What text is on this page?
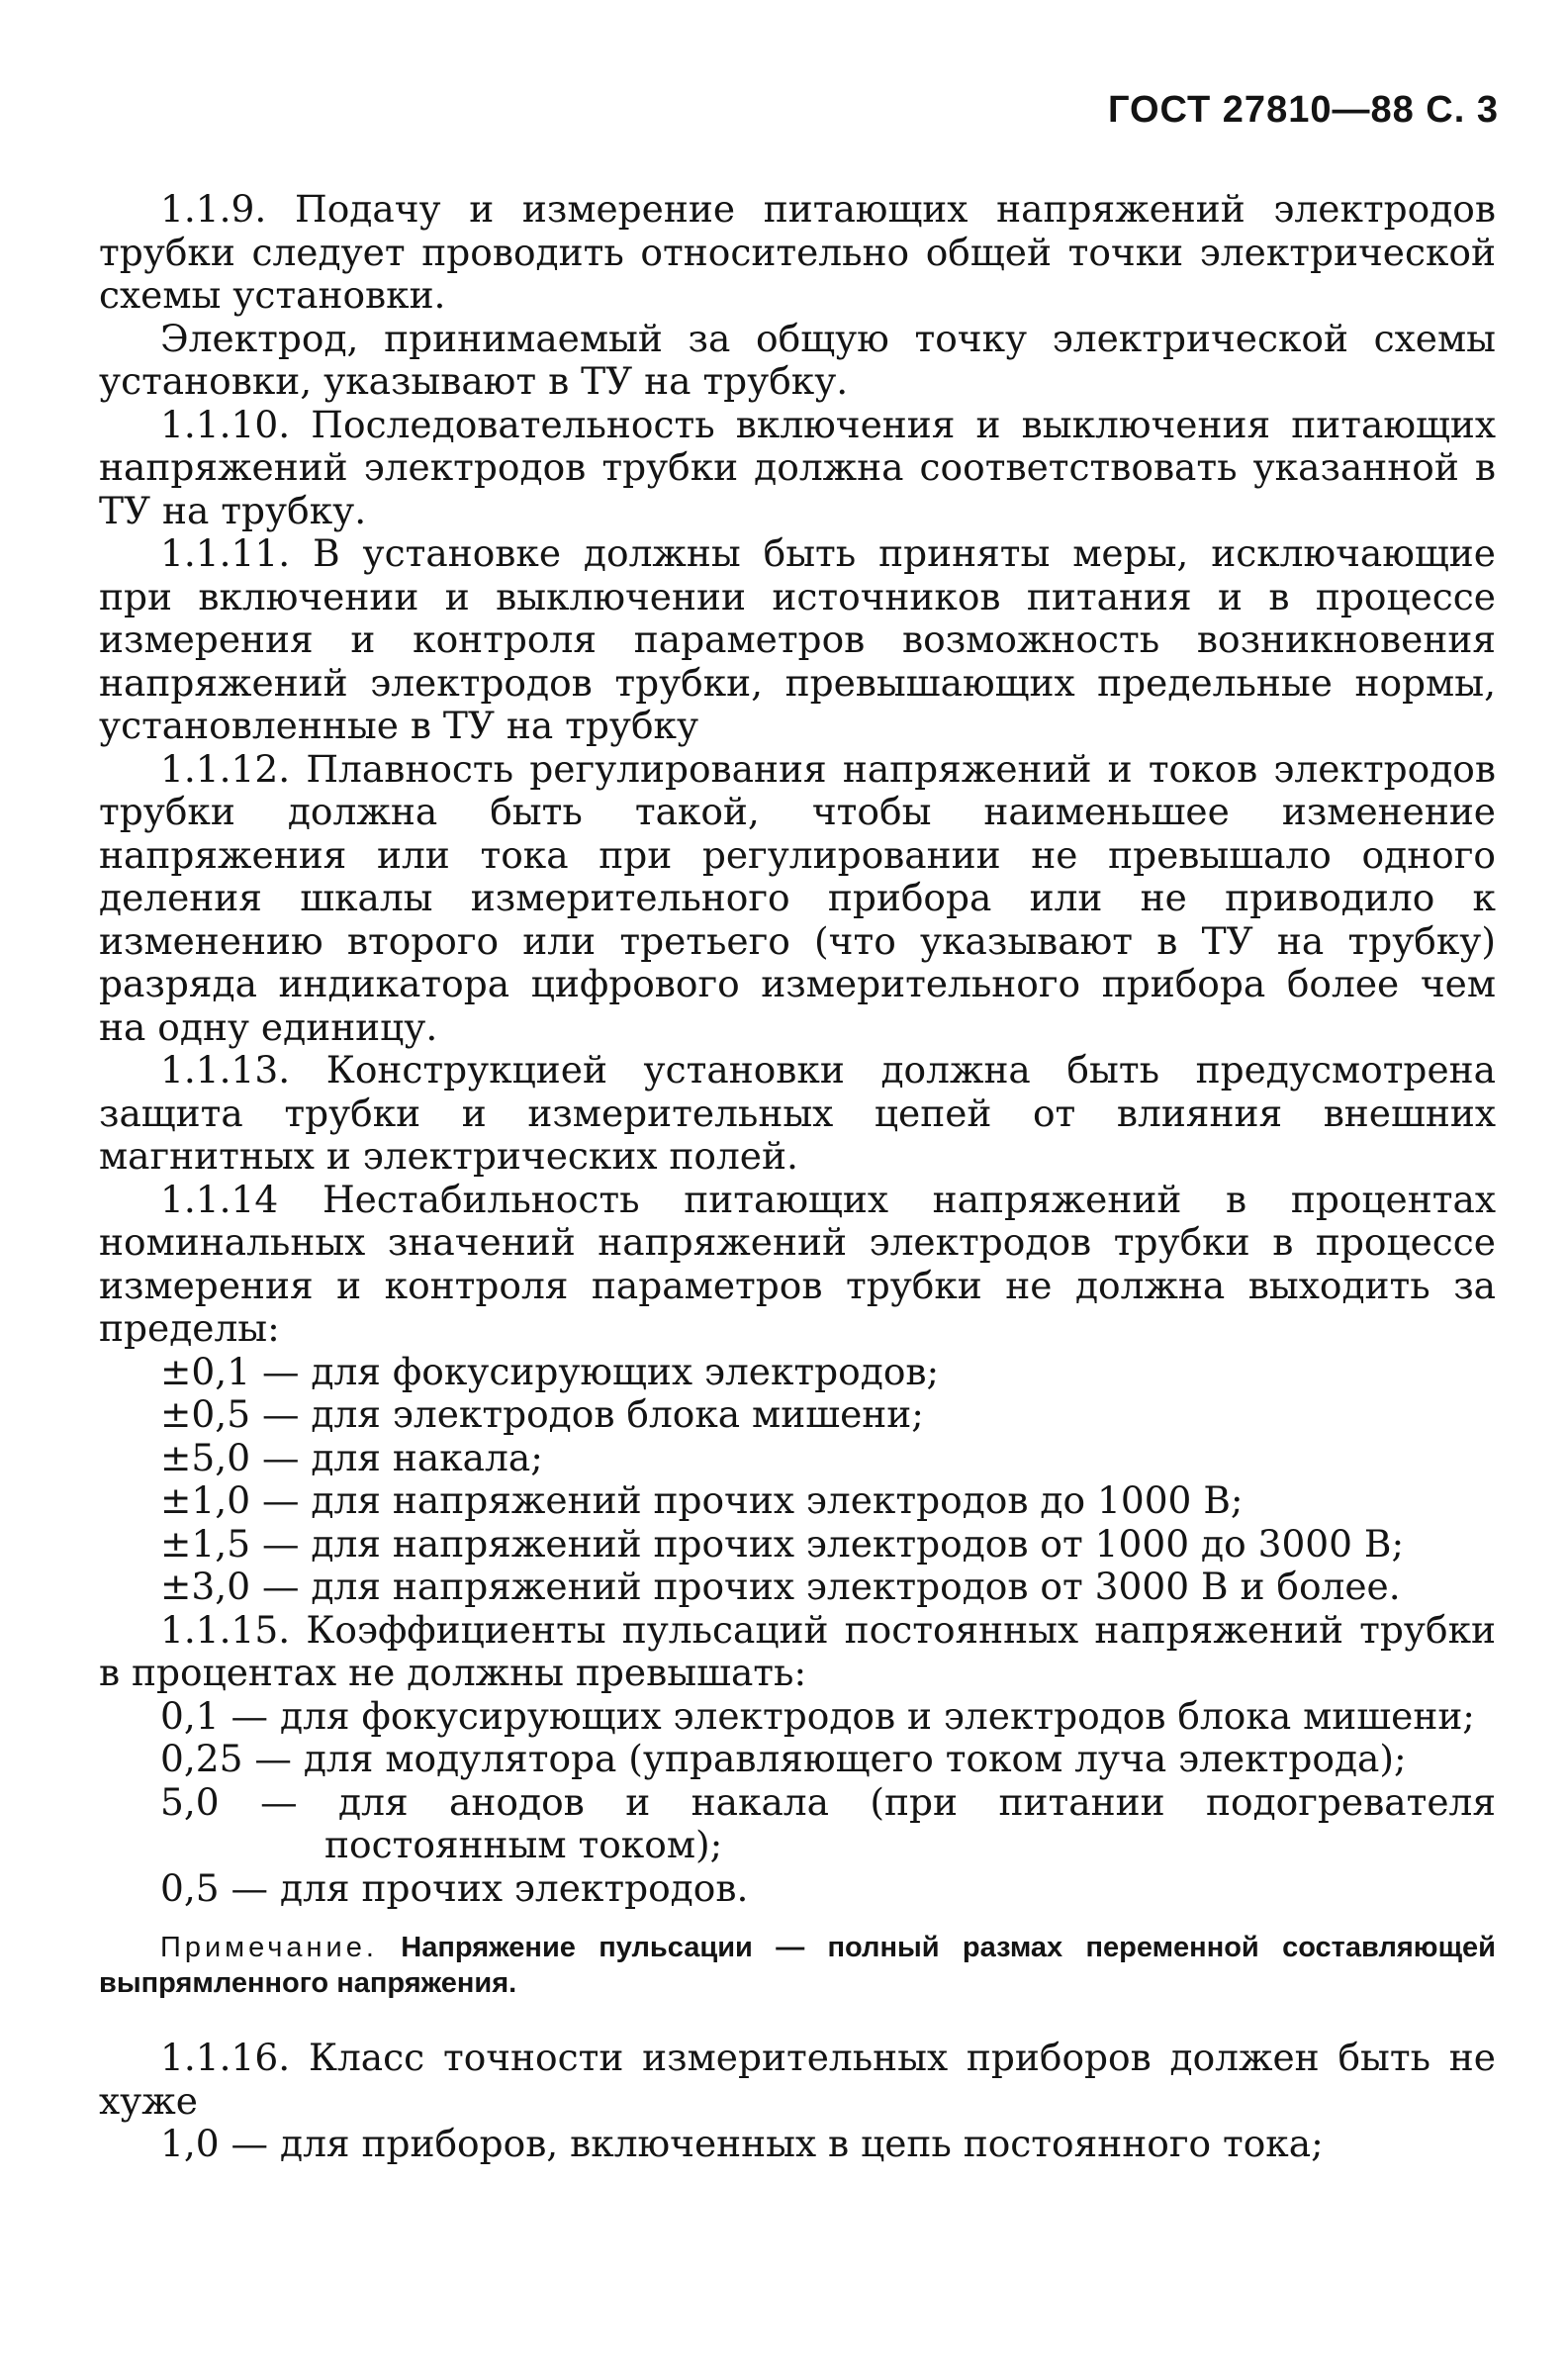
ГОСТ 27810—88 С. 3

1.1.9. Подачу и измерение питающих напряжений электродов трубки следует проводить относительно общей точки электрической схемы установки.

Электрод, принимаемый за общую точку электрической схемы установки, указывают в ТУ на трубку.

1.1.10. Последовательность включения и выключения питающих напряжений электродов трубки должна соответствовать указанной в ТУ на трубку.

1.1.11. В установке должны быть приняты меры, исключающие при включении и выключении источников питания и в процессе измерения и контроля параметров возможность возникновения напряжений электродов трубки, превышающих предельные нормы, установленные в ТУ на трубку

1.1.12. Плавность регулирования напряжений и токов электродов трубки должна быть такой, чтобы наименьшее изменение напряжения или тока при регулировании не превышало одного деления шкалы измерительного прибора или не приводило к изменению второго или третьего (что указывают в ТУ на трубку) разряда индикатора цифрового измерительного прибора более чем на одну единицу.

1.1.13. Конструкцией установки должна быть предусмотрена защита трубки и измерительных цепей от влияния внешних магнитных и электрических полей.

1.1.14 Нестабильность питающих напряжений в процентах номинальных значений напряжений электродов трубки в процессе измерения и контроля параметров трубки не должна выходить за пределы:

±0,1 — для фокусирующих электродов;

±0,5 — для электродов блока мишени;

±5,0 — для накала;

±1,0 — для напряжений прочих электродов до 1000 В;

±1,5 — для напряжений прочих электродов от 1000 до 3000 В;

±3,0 — для напряжений прочих электродов от 3000 В и более.

1.1.15. Коэффициенты пульсаций постоянных напряжений трубки в процентах не должны превышать:

0,1 — для фокусирующих электродов и электродов блока мишени;

0,25 — для модулятора (управляющего током луча электрода);

5,0 — для анодов и накала (при питании подогревателя постоянным током);

0,5 — для прочих электродов.

Примечание. Напряжение пульсации — полный размах переменной составляющей выпрямленного напряжения.

1.1.16. Класс точности измерительных приборов должен быть не хуже

1,0 — для приборов, включенных в цепь постоянного тока;
